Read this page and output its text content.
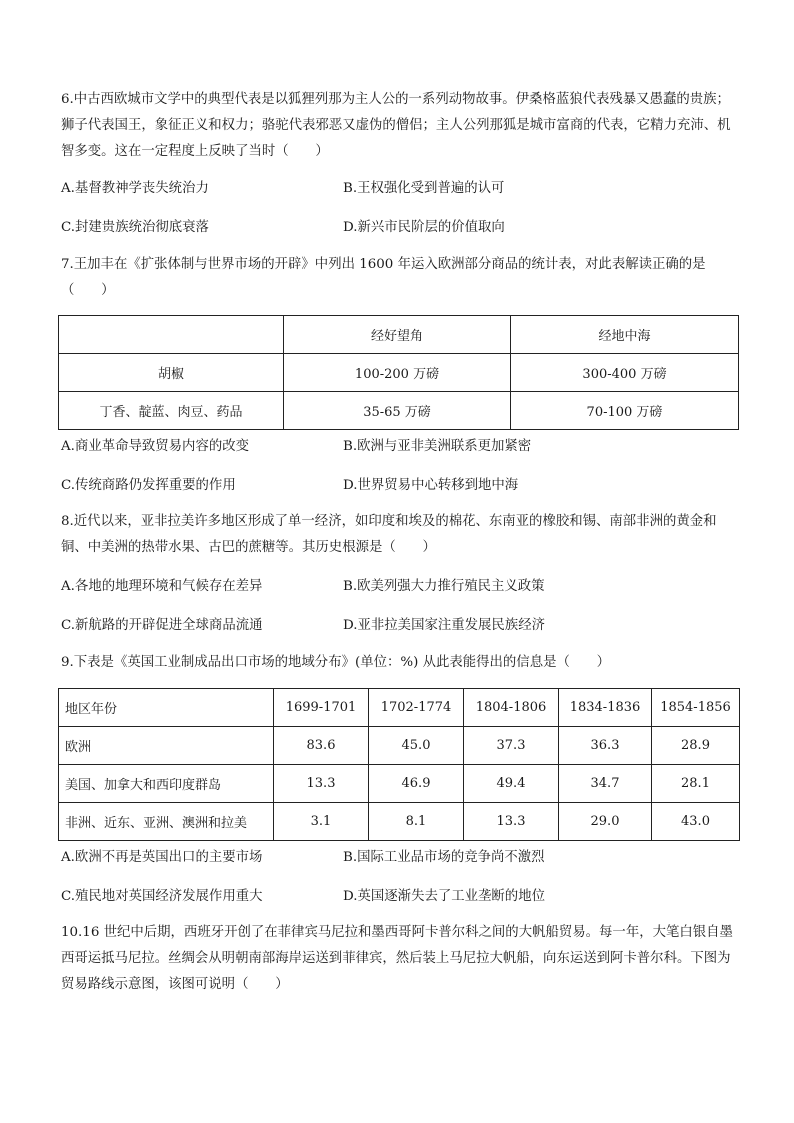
6.中古西欧城市文学中的典型代表是以狐狸列那为主人公的一系列动物故事。伊桑格蓝狼代表残暴又愚蠢的贵族；狮子代表国王，象征正义和权力；骆驼代表邪恶又虚伪的僧侣；主人公列那狐是城市富商的代表，它精力充沛、机智多变。这在一定程度上反映了当时（　　）

A.基督教神学丧失统治力	B.王权强化受到普遍的认可
C.封建贵族统治彻底衰落	D.新兴市民阶层的价值取向

7.王加丰在《扩张体制与世界市场的开辟》中列出 1600 年运入欧洲部分商品的统计表，对此表解读正确的是（　　）

	经好望角	经地中海
胡椒	100-200 万磅	300-400 万磅
丁香、靛蓝、肉豆、药品	35-65 万磅	70-100 万磅
A.商业革命导致贸易内容的改变	B.欧洲与亚非美洲联系更加紧密
C.传统商路仍发挥重要的作用	D.世界贸易中心转移到地中海

8.近代以来，亚非拉美许多地区形成了单一经济，如印度和埃及的棉花、东南亚的橡胶和锡、南部非洲的黄金和铜、中美洲的热带水果、古巴的蔗糖等。其历史根源是（　　）

A.各地的地理环境和气候存在差异	B.欧美列强大力推行殖民主义政策
C.新航路的开辟促进全球商品流通	D.亚非拉美国家注重发展民族经济

9.下表是《英国工业制成品出口市场的地域分布》(单位：%) 从此表能得出的信息是（　　）

地区年份	1699-1701	1702-1774	1804-1806	1834-1836	1854-1856
欧洲	83.6	45.0	37.3	36.3	28.9
美国、加拿大和西印度群岛	13.3	46.9	49.4	34.7	28.1
非洲、近东、亚洲、澳洲和拉美	3.1	8.1	13.3	29.0	43.0
A.欧洲不再是英国出口的主要市场	B.国际工业品市场的竞争尚不激烈
C.殖民地对英国经济发展作用重大	D.英国逐渐失去了工业垄断的地位

10.16 世纪中后期，西班牙开创了在菲律宾马尼拉和墨西哥阿卡普尔科之间的大帆船贸易。每一年，大笔白银自墨西哥运抵马尼拉。丝绸会从明朝南部海岸运送到菲律宾，然后装上马尼拉大帆船，向东运送到阿卡普尔科。下图为贸易路线示意图，该图可说明（　　）
